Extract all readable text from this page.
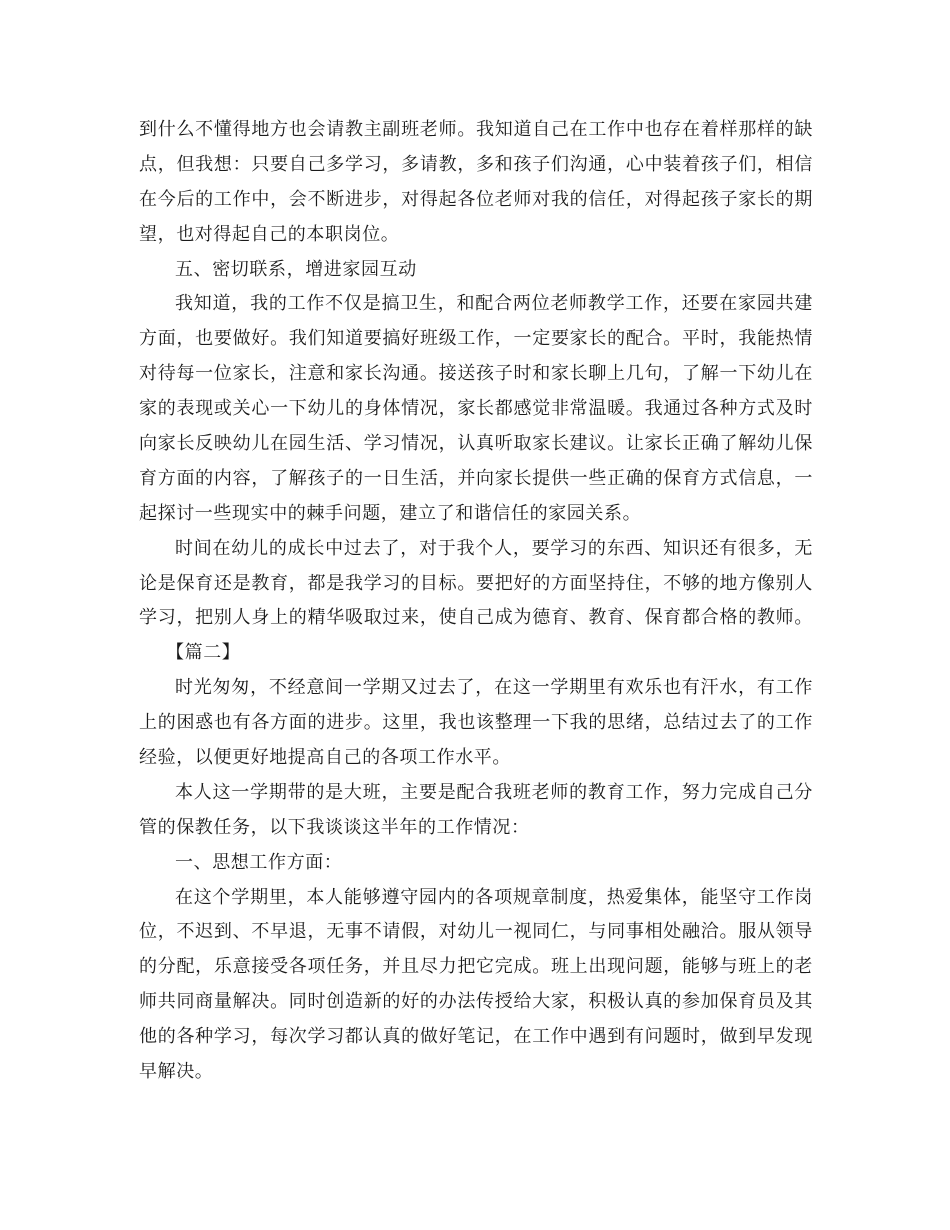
到什么不懂得地方也会请教主副班老师。我知道自己在工作中也存在着样那样的缺
点，但我想：只要自己多学习，多请教，多和孩子们沟通，心中装着孩子们，相信
在今后的工作中，会不断进步，对得起各位老师对我的信任，对得起孩子家长的期
望，也对得起自己的本职岗位。
五、密切联系，增进家园互动
我知道，我的工作不仅是搞卫生，和配合两位老师教学工作，还要在家园共建
方面，也要做好。我们知道要搞好班级工作，一定要家长的配合。平时，我能热情
对待每一位家长，注意和家长沟通。接送孩子时和家长聊上几句，了解一下幼儿在
家的表现或关心一下幼儿的身体情况，家长都感觉非常温暖。我通过各种方式及时
向家长反映幼儿在园生活、学习情况，认真听取家长建议。让家长正确了解幼儿保
育方面的内容，了解孩子的一日生活，并向家长提供一些正确的保育方式信息，一
起探讨一些现实中的棘手问题，建立了和谐信任的家园关系。
时间在幼儿的成长中过去了，对于我个人，要学习的东西、知识还有很多，无
论是保育还是教育，都是我学习的目标。要把好的方面坚持住，不够的地方像别人
学习，把别人身上的精华吸取过来，使自己成为德育、教育、保育都合格的教师。
【篇二】
时光匆匆，不经意间一学期又过去了，在这一学期里有欢乐也有汗水，有工作
上的困惑也有各方面的进步。这里，我也该整理一下我的思绪，总结过去了的工作
经验，以便更好地提高自己的各项工作水平。
本人这一学期带的是大班，主要是配合我班老师的教育工作，努力完成自己分
管的保教任务，以下我谈谈这半年的工作情况：
一、思想工作方面：
在这个学期里，本人能够遵守园内的各项规章制度，热爱集体，能坚守工作岗
位，不迟到、不早退，无事不请假，对幼儿一视同仁，与同事相处融洽。服从领导
的分配，乐意接受各项任务，并且尽力把它完成。班上出现问题，能够与班上的老
师共同商量解决。同时创造新的好的办法传授给大家，积极认真的参加保育员及其
他的各种学习，每次学习都认真的做好笔记，在工作中遇到有问题时，做到早发现
早解决。
